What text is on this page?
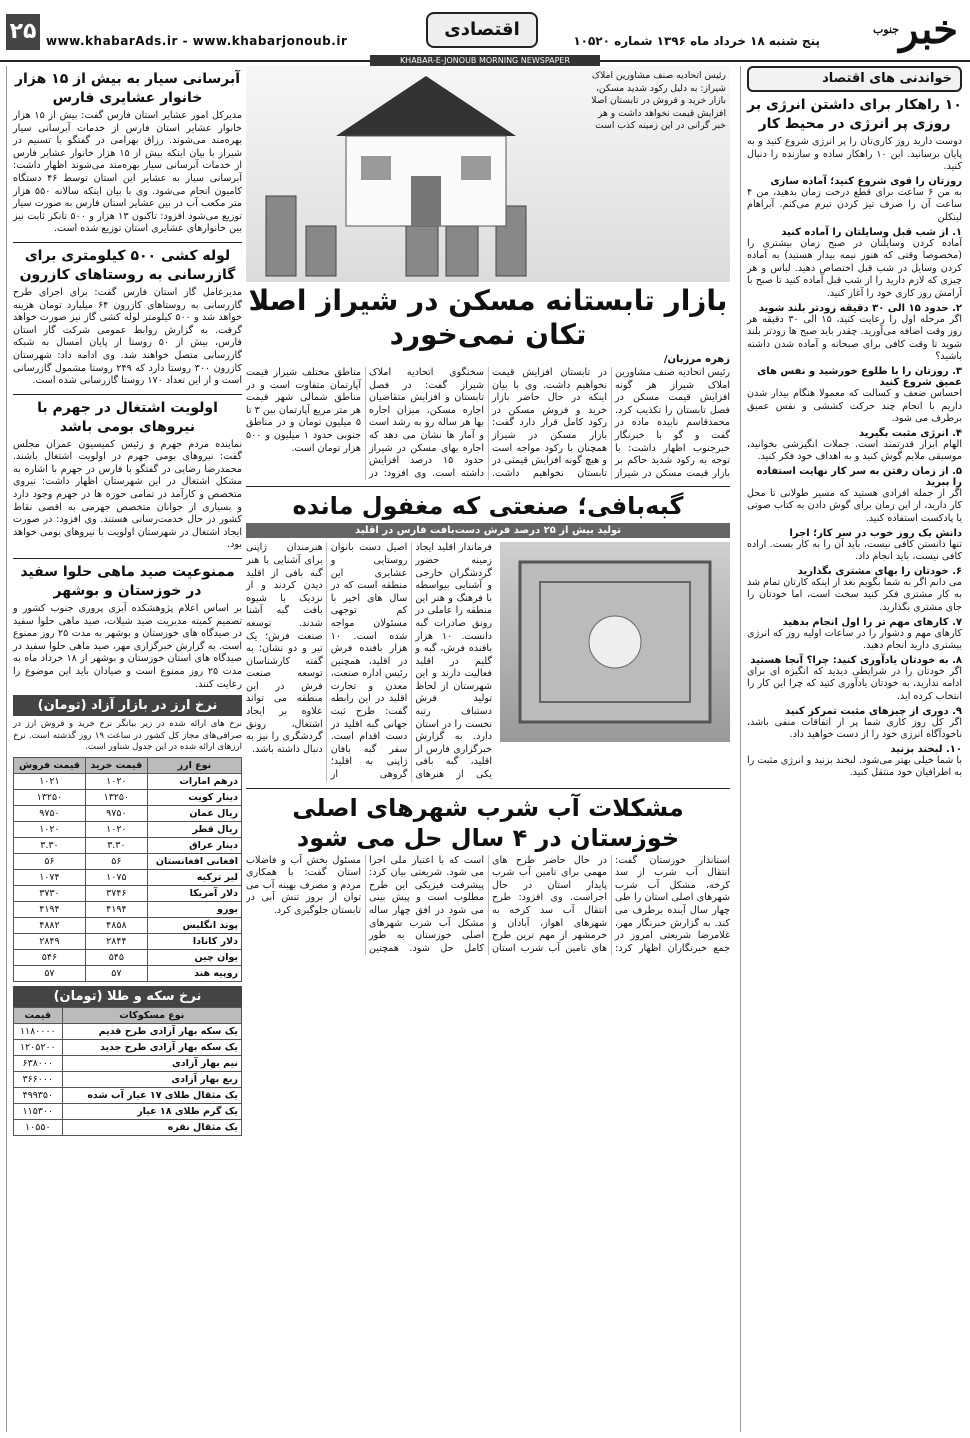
۲۵ www.khabarAds.ir - www.khabarjonoub.ir
اقتصادی
پنج شنبه ۱۸ خرداد ماه ۱۳۹۶ شماره ۱۰۵۲۰	خبر$^{جنوب}$
KHABAR-E-JONOUB MORNING NEWSPAPER
خواندنی های اقتصاد
۱۰ راهکار برای داشتن انرژی بر روزی پر انرژی در محیط کار

دوست دارید روز کاری‌تان را پر انرژی شروع کنید و به پایان برسانید. این ۱۰ راهکار ساده و سازنده را دنبال کنید.

روزتان را قوی شروع کنید؛ آماده سازی

به من ۶ ساعت برای قطع درخت زمان بدهید، من ۴ ساعت آن را صرف تیز کردن تبرم می‌کنم. آبراهام لینکلن

۱. از شب قبل وسایلتان را آماده کنید

آماده کردن وسایلتان در صبح زمان بیشتری را (مخصوصا وقتی که هنوز نیمه بیدار هستید) به آماده کردن وسایل در شب قبل اختصاص دهید. لباس و هر چیزی که لازم دارید را از شب قبل آماده کنید تا صبح با آرامش روز کاری خود را آغاز کنید.

۲. حدود ۱۵ الی ۳۰ دقیقه زودتر بلند شوید

اگر مرحله اول را رعایت کنید، ۱۵ الی ۳۰ دقیقه هر روز وقت اضافه می‌آورید. چقدر باید صبح ها زودتر بلند شوید تا وقت کافی برای صبحانه و آماده شدن داشته باشید؟

۳. روزتان را با طلوع خورشید و نفس های عمیق شروع کنید

احساس ضعف و کسالت که معمولا هنگام بیدار شدن داریم با انجام چند حرکت کششی و نفس عمیق برطرف می شود.

۴. انرژی مثبت بگیرید

الهام ابزار قدرتمند است. جملات انگیزشی بخوانید، موسیقی ملایم گوش کنید و به اهداف خود فکر کنید.

۵. از زمان رفتن به سر کار نهایت استفاده را ببرید

اگر از جمله افرادی هستید که مسیر طولانی تا محل کار دارید، از این زمان برای گوش دادن به کتاب صوتی یا پادکست استفاده کنید.

دانش یک روز خوب در سر کار؛ اجرا

تنها دانستن کافی نیست، باید آن را به کار بست. اراده کافی نیست، باید انجام داد.

۶. خودتان را بهای مشتری بگذارید

می دانم اگر به شما بگویم بعد از اینکه کارتان تمام شد به کار مشتری فکر کنید سخت است، اما خودتان را جای مشتری بگذارید.

۷. کارهای مهم تر را اول انجام بدهید

کارهای مهم و دشوار را در ساعات اولیه روز که انرژی بیشتری دارید انجام دهید.

۸. به خودتان یادآوری کنید: چرا؟ آنجا هستید

اگر خودتان را در شرایطی دیدید که انگیزه ای برای ادامه ندارید، به خودتان یادآوری کنید که چرا این کار را انتخاب کرده اید.

۹. دوری از چیزهای مثبت تمرکز کنید

اگر کل روز کاری شما پر از اتفاقات منفی باشد، ناخودآگاه انرژی خود را از دست خواهید داد.

۱۰. لبخند بزنید

با شما خیلی بهتر می‌شود. لبخند بزنید و انرژی مثبت را به اطرافیان خود منتقل کنید.

رئیس اتحادیه صنف مشاورین املاک شیراز: به دلیل رکود شدید مسکن، بازار خرید و فروش در تابستان اصلا افزایش قیمت نخواهد داشت و هر خبر گرانی در این زمینه کذب است
بازار تابستانه مسکن در شیراز اصلا تکان نمی‌خورد
زهره مرزبان/

رئیس اتحادیه صنف مشاورین املاک شیراز هر گونه افزایش قیمت مسکن در فصل تابستان را تکذیب کرد. محمدقاسم نابیده ماده در گفت و گو با خبرنگار خبرجنوب اظهار داشت: با توجه به رکود شدید حاکم بر بازار قیمت مسکن در شیراز در تابستان افزایش قیمت نخواهیم داشت. وی با بیان اینکه در حال حاضر بازار خرید و فروش مسکن در رکود کامل قرار دارد گفت: بازار مسکن در شیراز همچنان با رکود مواجه است و هیچ گونه افزایش قیمتی در تابستان نخواهیم داشت. سخنگوی اتحادیه املاک شیراز گفت: در فصل تابستان و افزایش متقاضیان اجاره مسکن، میزان اجاره بها هر ساله رو به رشد است و آمار ها نشان می دهد که اجاره بهای مسکن در شیراز حدود ۱۵ درصد افزایش داشته است. وی افزود: در مناطق مختلف شیراز قیمت آپارتمان متفاوت است و در مناطق شمالی شهر قیمت هر متر مربع آپارتمان بین ۳ تا ۵ میلیون تومان و در مناطق جنوبی حدود ۱ میلیون و ۵۰۰ هزار تومان است.

گبه‌بافی؛ صنعتی که مغفول مانده
تولید بیش از ۲۵ درصد فرش دست‌بافت فارس در اقلید

فرماندار اقلید ایجاد زمینه حضور گردشگران خارجی و آشنایی بیواسطه با فرهنگ و هنر این منطقه را عاملی در رونق صادرات گبه دانست. ۱۰ هزار بافنده فرش، گبه و گلیم در اقلید فعالیت دارند و این شهرستان از لحاظ تولید فرش دستباف رتبه نخست را در استان دارد. به گزارش خبرگزاری فارس از اقلید، گبه بافی یکی از هنرهای اصیل دست بانوان روستایی و عشایری این منطقه است که در سال های اخیر با کم توجهی مسئولان مواجه شده است. ۱۰ هزار بافنده فرش در اقلید، همچنین رئیس اداره صنعت، معدن و تجارت اقلید در این رابطه گفت: طرح ثبت جهانی گبه اقلید در دست اقدام است. سفر گبه بافان ژاپنی به اقلید؛ گروهی از هنرمندان ژاپنی برای آشنایی با هنر گبه بافی از اقلید دیدن کردند و از نزدیک با شیوه بافت گبه آشنا شدند. توسعه صنعت فرش؛ یک تیر و دو نشان؛ به گفته کارشناسان توسعه صنعت فرش در این منطقه می تواند علاوه بر ایجاد اشتغال، رونق گردشگری را نیز به دنبال داشته باشد.

مشکلات آب شرب شهرهای اصلی خوزستان در ۴ سال حل می شود

استاندار خوزستان گفت: انتقال آب شرب از سد کرخه، مشکل آب شرب شهرهای اصلی استان را طی چهار سال آینده برطرف می کند. به گزارش خبرنگار مهر، غلامرضا شریعتی امروز در جمع خبرنگاران اظهار کرد: در حال حاضر طرح های مهمی برای تامین آب شرب پایدار استان در حال اجراست. وی افزود: طرح انتقال آب سد کرخه به شهرهای اهواز، آبادان و خرمشهر از مهم ترین طرح های تامین آب شرب استان است که با اعتبار ملی اجرا می شود. شریعتی بیان کرد: پیشرفت فیزیکی این طرح مطلوب است و پیش بینی می شود در افق چهار ساله مشکل آب شرب شهرهای اصلی خوزستان به طور کامل حل شود. همچنین مسئول بخش آب و فاضلاب استان گفت: با همکاری مردم و مصرف بهینه آب می توان از بروز تنش آبی در تابستان جلوگیری کرد.

آبرسانی سیار به بیش از ۱۵ هزار خانوار عشایری فارس

مدیرکل امور عشایر استان فارس گفت: بیش از ۱۵ هزار خانوار عشایر استان فارس از خدمات آبرسانی سیار بهره‌مند می‌شوند. رزاق بهرامی در گفتگو با تسنیم در شیراز با بیان اینکه بیش از ۱۵ هزار خانوار عشایر فارس از خدمات آبرسانی سیار بهره‌مند می‌شوند اظهار داشت: آبرسانی سیار به عشایر این استان توسط ۴۶ دستگاه کامیون انجام می‌شود. وی با بیان اینکه سالانه ۵۵۰ هزار متر مکعب آب در بین عشایر استان فارس به صورت سیار توزیع می‌شود افزود: تاکنون ۱۳ هزار و ۵۰۰ تانکر ثابت نیز بین خانوارهای عشایری استان توزیع شده است.

لوله کشی ۵۰۰ کیلومتری برای گازرسانی به روستاهای کازرون

مدیرعامل گاز استان فارس گفت: برای اجرای طرح گازرسانی به روستاهای کازرون ۶۴ میلیارد تومان هزینه خواهد شد و ۵۰۰ کیلومتر لوله کشی گاز نیز صورت خواهد گرفت. به گزارش روابط عمومی شرکت گاز استان فارس، بیش از ۵۰ روستا از پایان امسال به شبکه گازرسانی متصل خواهند شد. وی ادامه داد: شهرستان کازرون ۳۰۰ روستا دارد که ۲۴۹ روستا مشمول گازرسانی است و از این تعداد ۱۷۰ روستا گازرسانی شده است.

اولویت اشتغال در جهرم با نیروهای بومی باشد

نماینده مردم جهرم و رئیس کمیسیون عمران مجلس گفت: نیروهای بومی جهرم در اولویت اشتغال باشند. محمدرضا رضایی در گفتگو با فارس در جهرم با اشاره به مشکل اشتغال در این شهرستان اظهار داشت: نیروی متخصص و کارآمد در تمامی حوزه ها در جهرم وجود دارد و بسیاری از جوانان متخصص جهرمی به اقصی نقاط کشور در حال خدمت‌رسانی هستند. وی افزود: در صورت ایجاد اشتغال در شهرستان اولویت با نیروهای بومی خواهد بود.

ممنوعیت صید ماهی حلوا سفید در خوزستان و بوشهر

بر اساس اعلام پژوهشکده آبزی پروری جنوب کشور و تصمیم کمیته مدیریت صید شیلات، صید ماهی حلوا سفید در صیدگاه های خوزستان و بوشهر به مدت ۲۵ روز ممنوع است. به گزارش خبرگزاری مهر، صید ماهی حلوا سفید در صیدگاه های استان خوزستان و بوشهر از ۱۸ خرداد ماه به مدت ۲۵ روز ممنوع است و صیادان باید این موضوع را رعایت کنند.

نرخ ارز در بازار آزاد (تومان)
نرخ های ارائه شده در زیر بیانگر نرخ خرید و فروش ارز در صرافی‌های مجاز کل کشور در ساعت ۱۹ روز گذشته است. نرخ ارزهای ارائه شده در این جدول شناور است.
نوع ارز	قیمت خرید	قیمت فروش
درهم امارات	۱۰۲۰	۱۰۲۱
دینار کویت	۱۳۲۵۰	۱۳۲۵۰
ریال عمان	۹۷۵۰	۹۷۵۰
ریال قطر	۱۰۲۰	۱۰۲۰
دینار عراق	۳.۳۰	۳.۳۰
افغانی افغانستان	۵۶	۵۶
لیر ترکیه	۱۰۷۵	۱۰۷۴
دلار آمریکا	۳۷۴۶	۳۷۳۰
یورو	۴۱۹۴	۴۱۹۴
پوند انگلیس	۴۸۵۸	۴۸۸۲
دلار کانادا	۲۸۴۴	۲۸۴۹
یوان چین	۵۴۵	۵۴۶
روپیه هند	۵۷	۵۷
نرخ سکه و طلا (تومان)
نوع مسکوکات	قیمت
یک سکه بهار آزادی طرح قدیم	۱۱۸۰۰۰۰
یک سکه بهار آزادی طرح جدید	۱۲۰۵۲۰۰
نیم بهار آزادی	۶۳۸۰۰۰
ربع بهار آزادی	۳۶۶۰۰۰
یک مثقال طلای ۱۷ عیار آب شده	۴۹۹۳۵۰
یک گرم طلای ۱۸ عیار	۱۱۵۳۰۰
یک مثقال نقره	۱۰۵۵۰
